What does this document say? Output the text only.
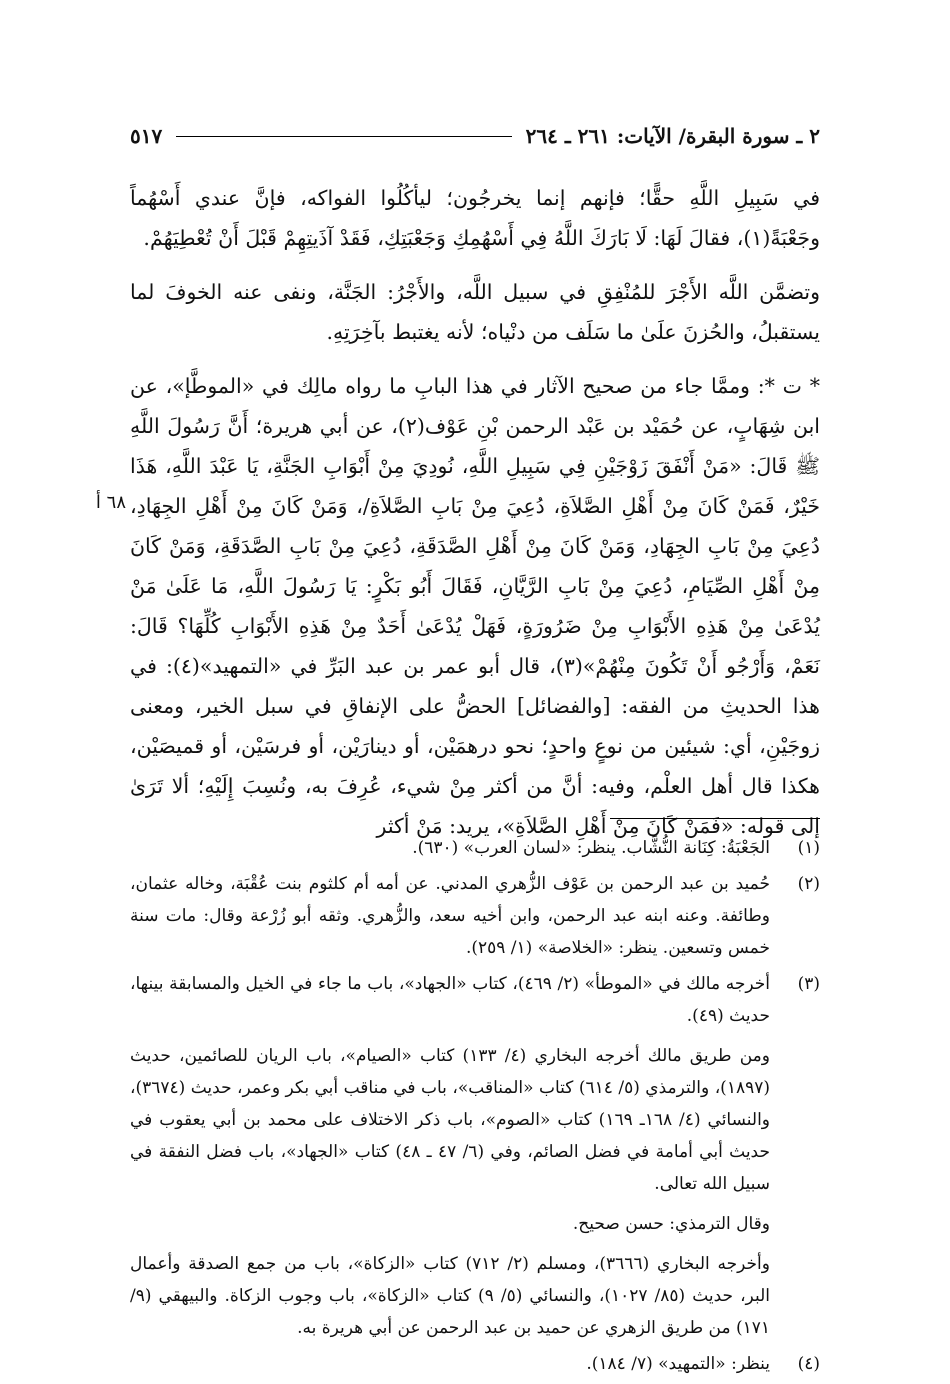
٢ ـ سورة البقرة/ الآيات: ٢٦١ ـ ٢٦٤
٥١٧

في سَبِيلِ اللَّهِ حقًّا؛ فإنهم إنما يخرجُون؛ ليأكُلُوا الفواكه، فإنَّ عندي أَسْهُماً وجَعْبَةً(١)، فقالَ لَهَا: لَا بَارَكَ اللَّهُ فِي أَسْهُمِكِ وَجَعْبَتِكِ، فَقَدْ آذَيتِهِمْ قَبْلَ أَنْ تُعْطِيَهُمْ.

وتضمَّن اللَّه الأَجْرَ للمُنْفِقِ في سبيل اللَّه، والأَجْرُ: الجَنَّة، ونفى عنه الخوفَ لما يستقبلُ، والحُزنَ علَىٰ ما سَلَف من دنْياه؛ لأنه يغتبط بآخِرَتِهِ.

* ت *: وممَّا جاء من صحيح الآثار في هذا البابِ ما رواه مالِك في «الموطَّإ»، عن ابن شِهَابٍ، عن حُمَيْد بن عَبْد الرحمن بْنِ عَوْف(٢)، عن أبي هريرة؛ أَنَّ رَسُولَ اللَّهِ ﷺ قَالَ: «مَنْ أَنْفَقَ زَوْجَيْنِ فِي سَبِيلِ اللَّهِ، نُودِيَ مِنْ أَبْوَابِ الجَنَّةِ، يَا عَبْدَ اللَّهِ، هَذَا خَيْرٌ، فَمَنْ كَانَ مِنْ أَهْلِ الصَّلاَةِ، دُعِيَ مِنْ بَابِ الصَّلاَةِ/، وَمَنْ كَانَ مِنْ أَهْلِ الجِهَادِ، دُعِيَ مِنْ بَابِ الجِهَادِ، وَمَنْ كَانَ مِنْ أَهْلِ الصَّدَقَةِ، دُعِيَ مِنْ بَابِ الصَّدَقَةِ، وَمَنْ كَانَ مِنْ أَهْلِ الصِّيَامِ، دُعِيَ مِنْ بَابِ الرَّيَّانِ، فَقَالَ أَبُو بَكْرٍ: يَا رَسُولَ اللَّهِ، مَا عَلَىٰ مَنْ يُدْعَىٰ مِنْ هَذِهِ الأَبْوَابِ مِنْ ضَرُورَةٍ، فَهَلْ يُدْعَىٰ أَحَدٌ مِنْ هَذِهِ الأَبْوَابِ كُلِّهَا؟ قَالَ: نَعَمْ، وَأَرْجُو أَنْ تَكُونَ مِنْهُمْ»(٣)، قال أبو عمر بن عبد البَرِّ في «التمهيد»(٤): في هذا الحديثِ من الفقه: [والفضائل] الحضُّ على الإنفاقِ في سبل الخير، ومعنى زوجَيْنِ، أي: شيئين من نوعٍ واحدٍ؛ نحو درهمَيْن، أو دينارَيْن، أو فرسَيْن، أو قميصَيْن، هكذا قال أهل العلْم، وفيه: أنَّ من أكثر مِنْ شيء، عُرِفَ به، ونُسِبَ إِلَيْهِ؛ ألا تَرَىٰ إلى قوله: «فَمَنْ كَانَ مِنْ أَهْلِ الصَّلاَةِ»، يريد: مَنْ أكثر

٦٨ أ
(١)

الجَعْبَةُ: كِنَانة النُّشَّاب. ينظر: «لسان العرب» (٦٣٠).

(٢)

حُميد بن عبد الرحمن بن عَوْف الزُّهري المدني. عن أمه أم كلثوم بنت عُقْبَة، وخاله عثمان، وطائفة. وعنه ابنه عبد الرحمن، وابن أخيه سعد، والزُّهري. وثقه أبو زُرْعة وقال: مات سنة خمس وتسعين. ينظر: «الخلاصة» (١/ ٢٥٩).

(٣)

أخرجه مالك في «الموطأ» (٢/ ٤٦٩)، كتاب «الجهاد»، باب ما جاء في الخيل والمسابقة بينها، حديث (٤٩).

ومن طريق مالك أخرجه البخاري (٤/ ١٣٣) كتاب «الصيام»، باب الريان للصائمين، حديث (١٨٩٧)، والترمذي (٥/ ٦١٤) كتاب «المناقب»، باب في مناقب أبي بكر وعمر، حديث (٣٦٧٤)، والنسائي (٤/ ١٦٨ـ ١٦٩) كتاب «الصوم»، باب ذكر الاختلاف على محمد بن أبي يعقوب في حديث أبي أمامة في فضل الصائم، وفي (٦/ ٤٧ ـ ٤٨) كتاب «الجهاد»، باب فضل النفقة في سبيل الله تعالى.

وقال الترمذي: حسن صحيح.

وأخرجه البخاري (٣٦٦٦)، ومسلم (٢/ ٧١٢) كتاب «الزكاة»، باب من جمع الصدقة وأعمال البر، حديث (٨٥/ ١٠٢٧)، والنسائي (٥/ ٩) كتاب «الزكاة»، باب وجوب الزكاة. والبيهقي (٩/ ١٧١) من طريق الزهري عن حميد بن عبد الرحمن عن أبي هريرة به.

(٤)

ينظر: «التمهيد» (٧/ ١٨٤).
